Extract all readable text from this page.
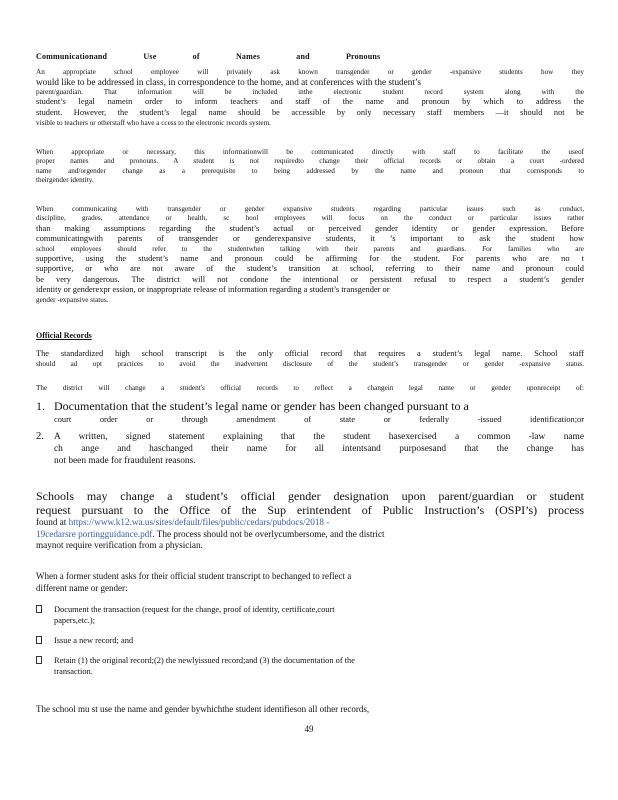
Communicationand	Use	of	Names	and	Pronouns
An appropriate school employee will privately ask known transgender or gender -expansive students how they
would like to be addressed in class, in correspondence to the home, and at conferences with the student’s
parent/guardian. That information will be included inthe electronic student record system along with the
student’s legal namein order to inform teachers and staff of the name and pronoun by which to address the
student. However, the student’s legal name should be accessible by only necessary staff members —it should not be
visible to teachers or otherstaff who have a ccess to the electronic records system.
When appropriate or necessary, this informationwill be communicated directly with staff to facilitate the useof
proper names and pronouns. A student is not requiredto change their official records or obtain a court -ordered
name and/orgender change as a prerequisite to being addressed by the name and pronoun that corresponds to
theirgender identity.
When communicating with transgender or gender expansive students regarding particular issues such as conduct,
discipline, grades, attendance or health, sc hool employees will focus on the conduct or particular issues rather
than making assumptions regarding the student’s actual or perceived gender identity or gender expression. Before
communicatingwith parents of transgender or genderexpansive students, it ’s important to ask the student how
school employees should refer to the studentwhen talking with their parents and guardians. For families who are
supportive, using the student’s name and pronoun could be affirming for the student. For parents who are no t
supportive, or who are not aware of the student’s transition at school, referring to their name and pronoun could
be very dangerous. The district will not condone the intentional or persistent refusal to respect a student’s gender
identity or genderexpr ession, or inappropriate release of information regarding a student’s transgender or
gender -expansive status.
Official Records
The standardized high school transcript is the only official record that requires a student’s legal name. School staff
should ad opt practices to avoid the inadvertent disclosure of the student’s transgender or gender -expansive status.
The district will change a student's official records to reflect a changein legal name or gender uponreceipt of:
1. Documentation that the student’s legal name or gender has been changed pursuant to a
court order or through amendment of state or federally -issued identification;or
2. A written, signed statement explaining that the student hasexercised a common -law name
ch ange and haschanged their name for all intentsand purposesand that the change has
not been made for fraudulent reasons.
Schools may change a student’s official gender designation upon parent/guardian or student
request pursuant to the Office of the Sup erintendent of Public Instruction’s (OSPI’s) process
found at https://www.k12.wa.us/sites/default/files/public/cedars/pubdocs/2018 -
19cedarsre portingguidance.pdf. The process should not be overlycumbersome, and the district
maynot require verification from a physician.
When a former student asks for their official student transcript to bechanged to reflect a
different name or gender:
Document the transaction (request for the change, proof of identity, certificate,court
papers,etc.);
Issue a new record; and
Retain (1) the original record;(2) the newlyissued record;and (3) the documentation of the
transaction.
The school mu st use the name and gender bywhichthe student identifieson all other records,
49
